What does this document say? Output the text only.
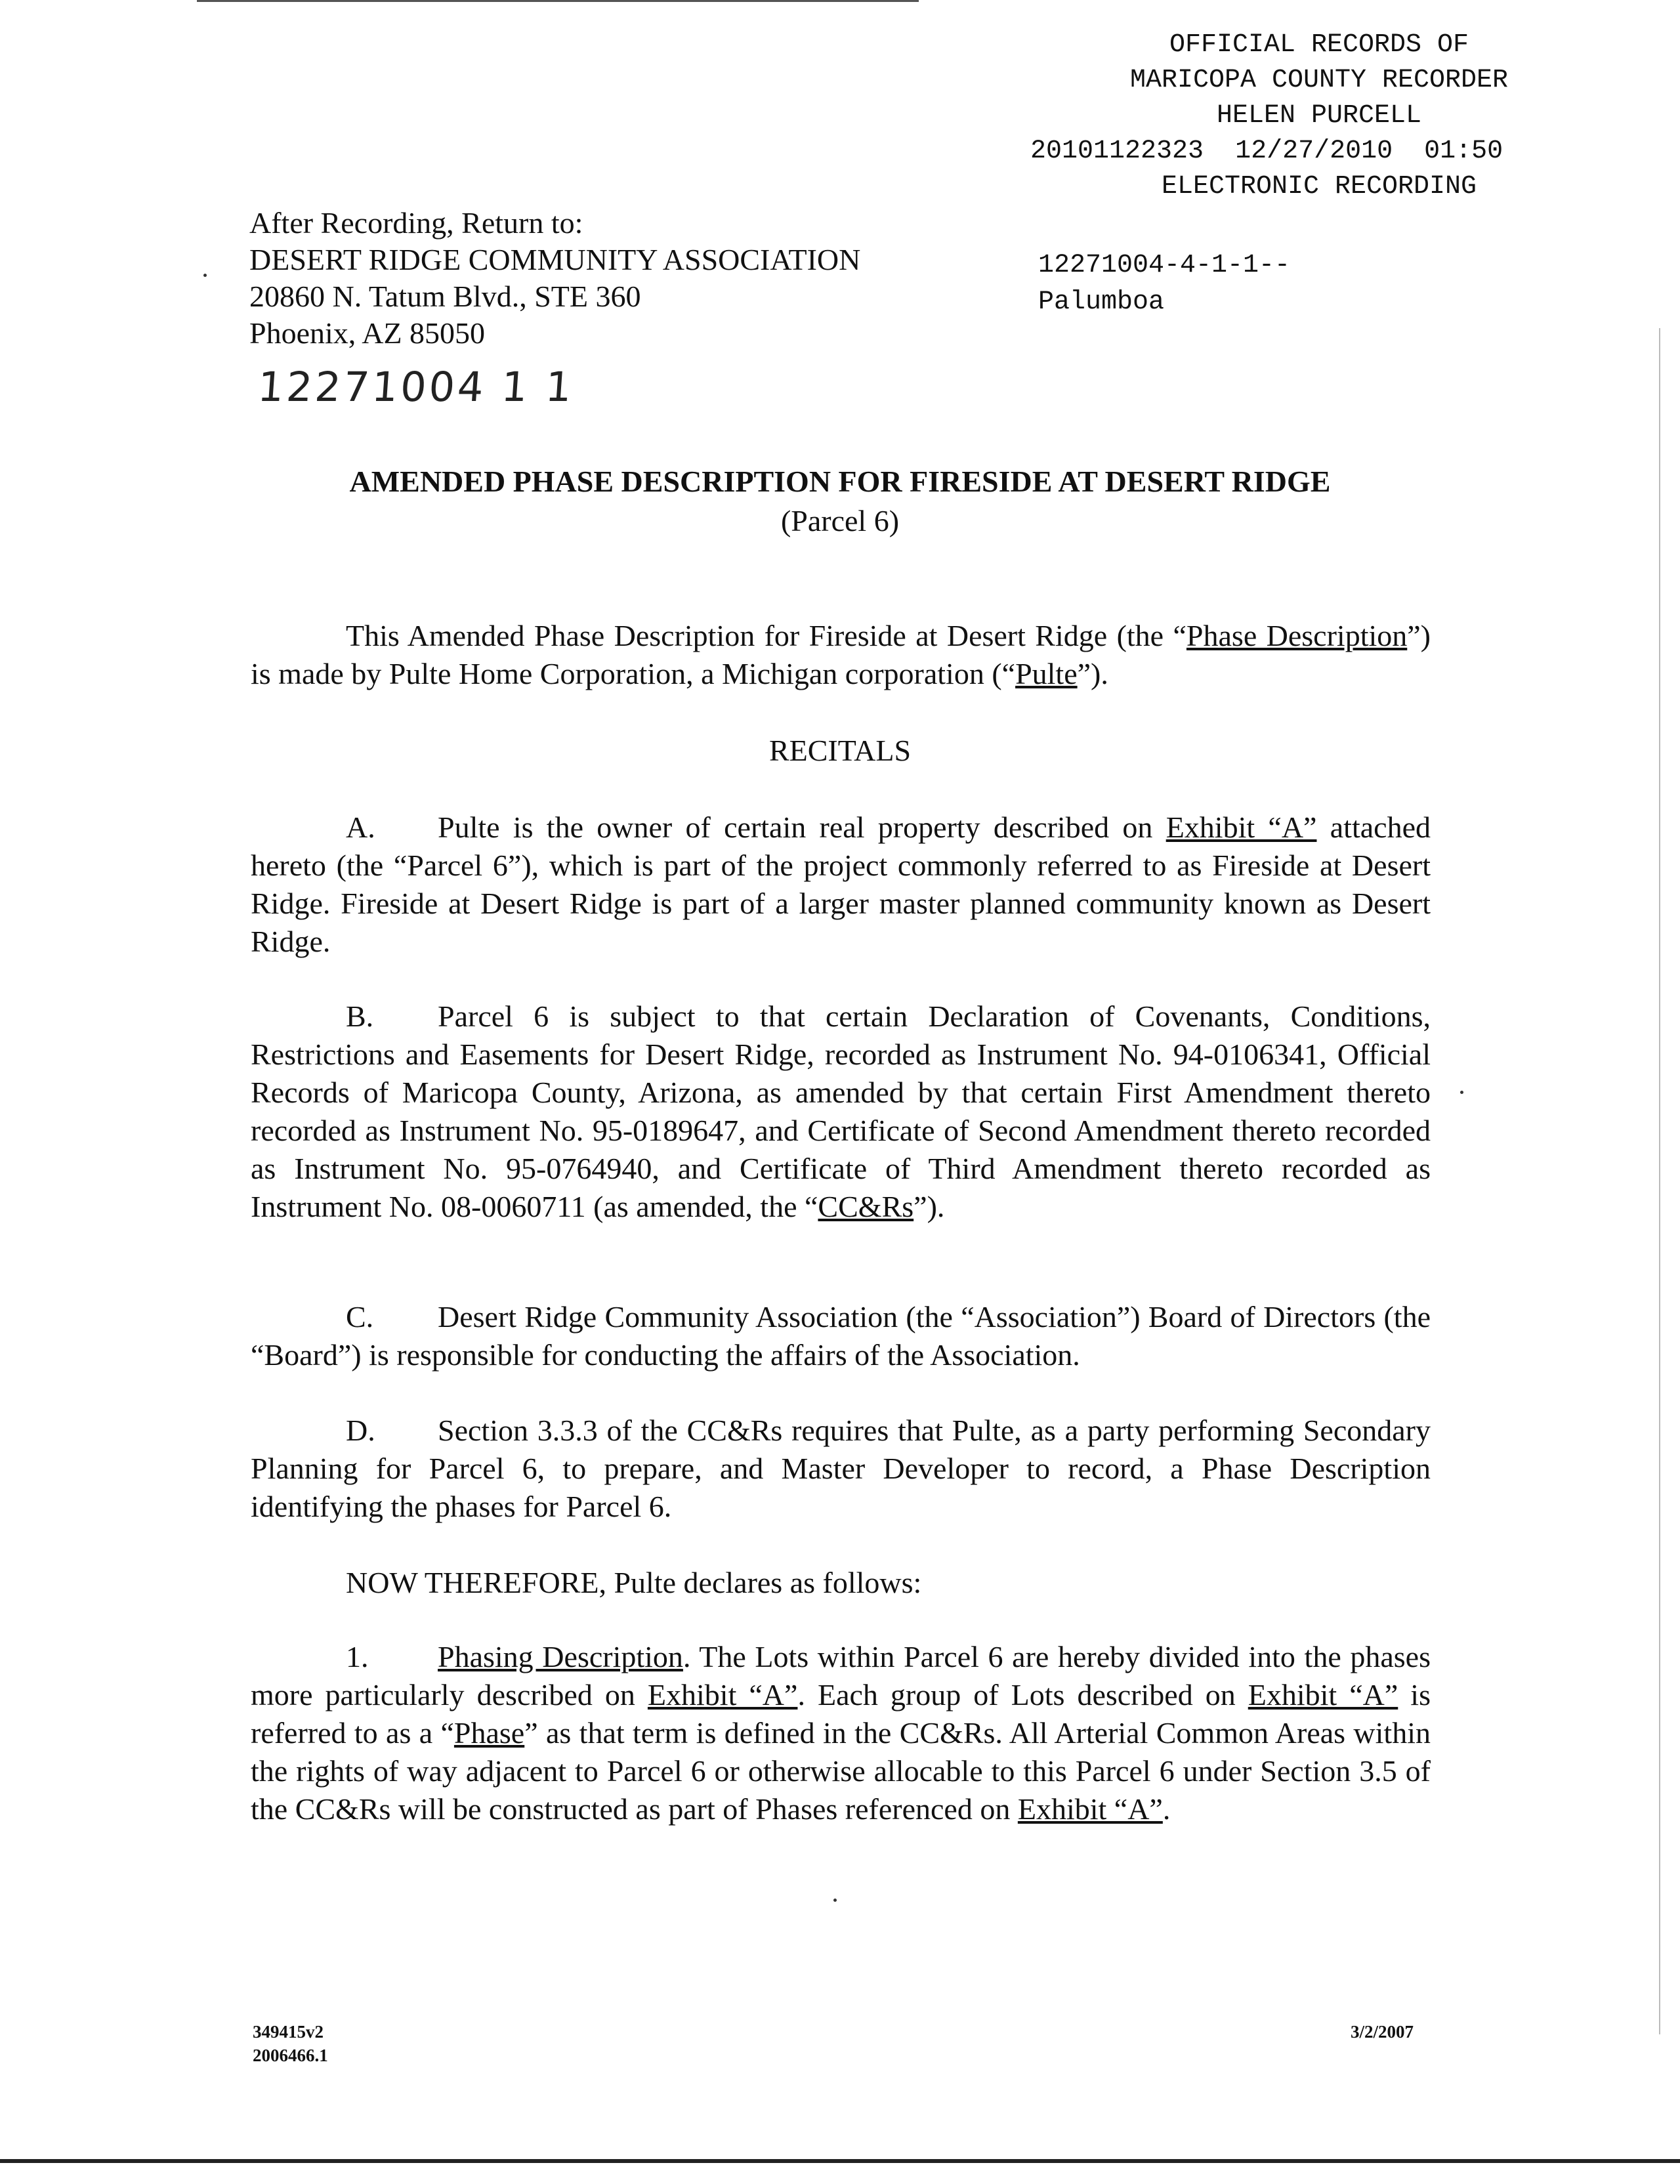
OFFICIAL RECORDS OF
MARICOPA COUNTY RECORDER
HELEN PURCELL
20101122323 12/27/2010 01:50
ELECTRONIC RECORDING
12271004-4-1-1--
Palumboa
After Recording, Return to:
DESERT RIDGE COMMUNITY ASSOCIATION
20860 N. Tatum Blvd., STE 360
Phoenix, AZ 85050
12271004 1 1
AMENDED PHASE DESCRIPTION FOR FIRESIDE AT DESERT RIDGE
(Parcel 6)
This Amended Phase Description for Fireside at Desert Ridge (the “Phase Description”) is made by Pulte Home Corporation, a Michigan corporation (“Pulte”).
RECITALS
A. Pulte is the owner of certain real property described on Exhibit “A” attached hereto (the “Parcel 6”), which is part of the project commonly referred to as Fireside at Desert Ridge. Fireside at Desert Ridge is part of a larger master planned community known as Desert Ridge.
B. Parcel 6 is subject to that certain Declaration of Covenants, Conditions, Restrictions and Easements for Desert Ridge, recorded as Instrument No. 94-0106341, Official Records of Maricopa County, Arizona, as amended by that certain First Amendment thereto recorded as Instrument No. 95-0189647, and Certificate of Second Amendment thereto recorded as Instrument No. 95-0764940, and Certificate of Third Amendment thereto recorded as Instrument No. 08-0060711 (as amended, the “CC&Rs”).
C. Desert Ridge Community Association (the “Association”) Board of Directors (the “Board”) is responsible for conducting the affairs of the Association.
D. Section 3.3.3 of the CC&Rs requires that Pulte, as a party performing Secondary Planning for Parcel 6, to prepare, and Master Developer to record, a Phase Description identifying the phases for Parcel 6.
NOW THEREFORE, Pulte declares as follows:
1. Phasing Description. The Lots within Parcel 6 are hereby divided into the phases more particularly described on Exhibit “A”. Each group of Lots described on Exhibit “A” is referred to as a “Phase” as that term is defined in the CC&Rs. All Arterial Common Areas within the rights of way adjacent to Parcel 6 or otherwise allocable to this Parcel 6 under Section 3.5 of the CC&Rs will be constructed as part of Phases referenced on Exhibit “A”.
349415v2
2006466.1
3/2/2007
